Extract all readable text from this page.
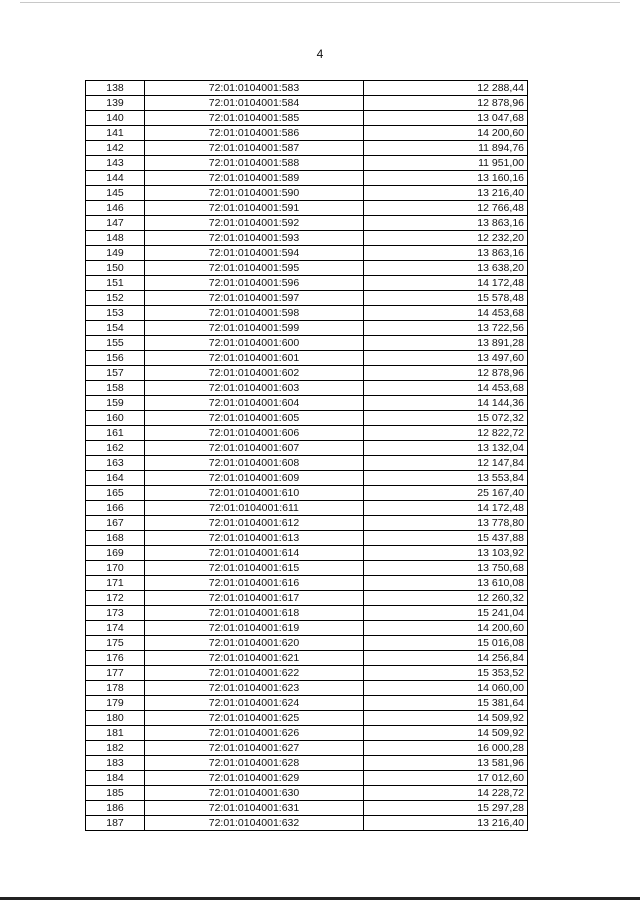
4
138	72:01:0104001:583	12 288,44
139	72:01:0104001:584	12 878,96
140	72:01:0104001:585	13 047,68
141	72:01:0104001:586	14 200,60
142	72:01:0104001:587	11 894,76
143	72:01:0104001:588	11 951,00
144	72:01:0104001:589	13 160,16
145	72:01:0104001:590	13 216,40
146	72:01:0104001:591	12 766,48
147	72:01:0104001:592	13 863,16
148	72:01:0104001:593	12 232,20
149	72:01:0104001:594	13 863,16
150	72:01:0104001:595	13 638,20
151	72:01:0104001:596	14 172,48
152	72:01:0104001:597	15 578,48
153	72:01:0104001:598	14 453,68
154	72:01:0104001:599	13 722,56
155	72:01:0104001:600	13 891,28
156	72:01:0104001:601	13 497,60
157	72:01:0104001:602	12 878,96
158	72:01:0104001:603	14 453,68
159	72:01:0104001:604	14 144,36
160	72:01:0104001:605	15 072,32
161	72:01:0104001:606	12 822,72
162	72:01:0104001:607	13 132,04
163	72:01:0104001:608	12 147,84
164	72:01:0104001:609	13 553,84
165	72:01:0104001:610	25 167,40
166	72:01:0104001:611	14 172,48
167	72:01:0104001:612	13 778,80
168	72:01:0104001:613	15 437,88
169	72:01:0104001:614	13 103,92
170	72:01:0104001:615	13 750,68
171	72:01:0104001:616	13 610,08
172	72:01:0104001:617	12 260,32
173	72:01:0104001:618	15 241,04
174	72:01:0104001:619	14 200,60
175	72:01:0104001:620	15 016,08
176	72:01:0104001:621	14 256,84
177	72:01:0104001:622	15 353,52
178	72:01:0104001:623	14 060,00
179	72:01:0104001:624	15 381,64
180	72:01:0104001:625	14 509,92
181	72:01:0104001:626	14 509,92
182	72:01:0104001:627	16 000,28
183	72:01:0104001:628	13 581,96
184	72:01:0104001:629	17 012,60
185	72:01:0104001:630	14 228,72
186	72:01:0104001:631	15 297,28
187	72:01:0104001:632	13 216,40
